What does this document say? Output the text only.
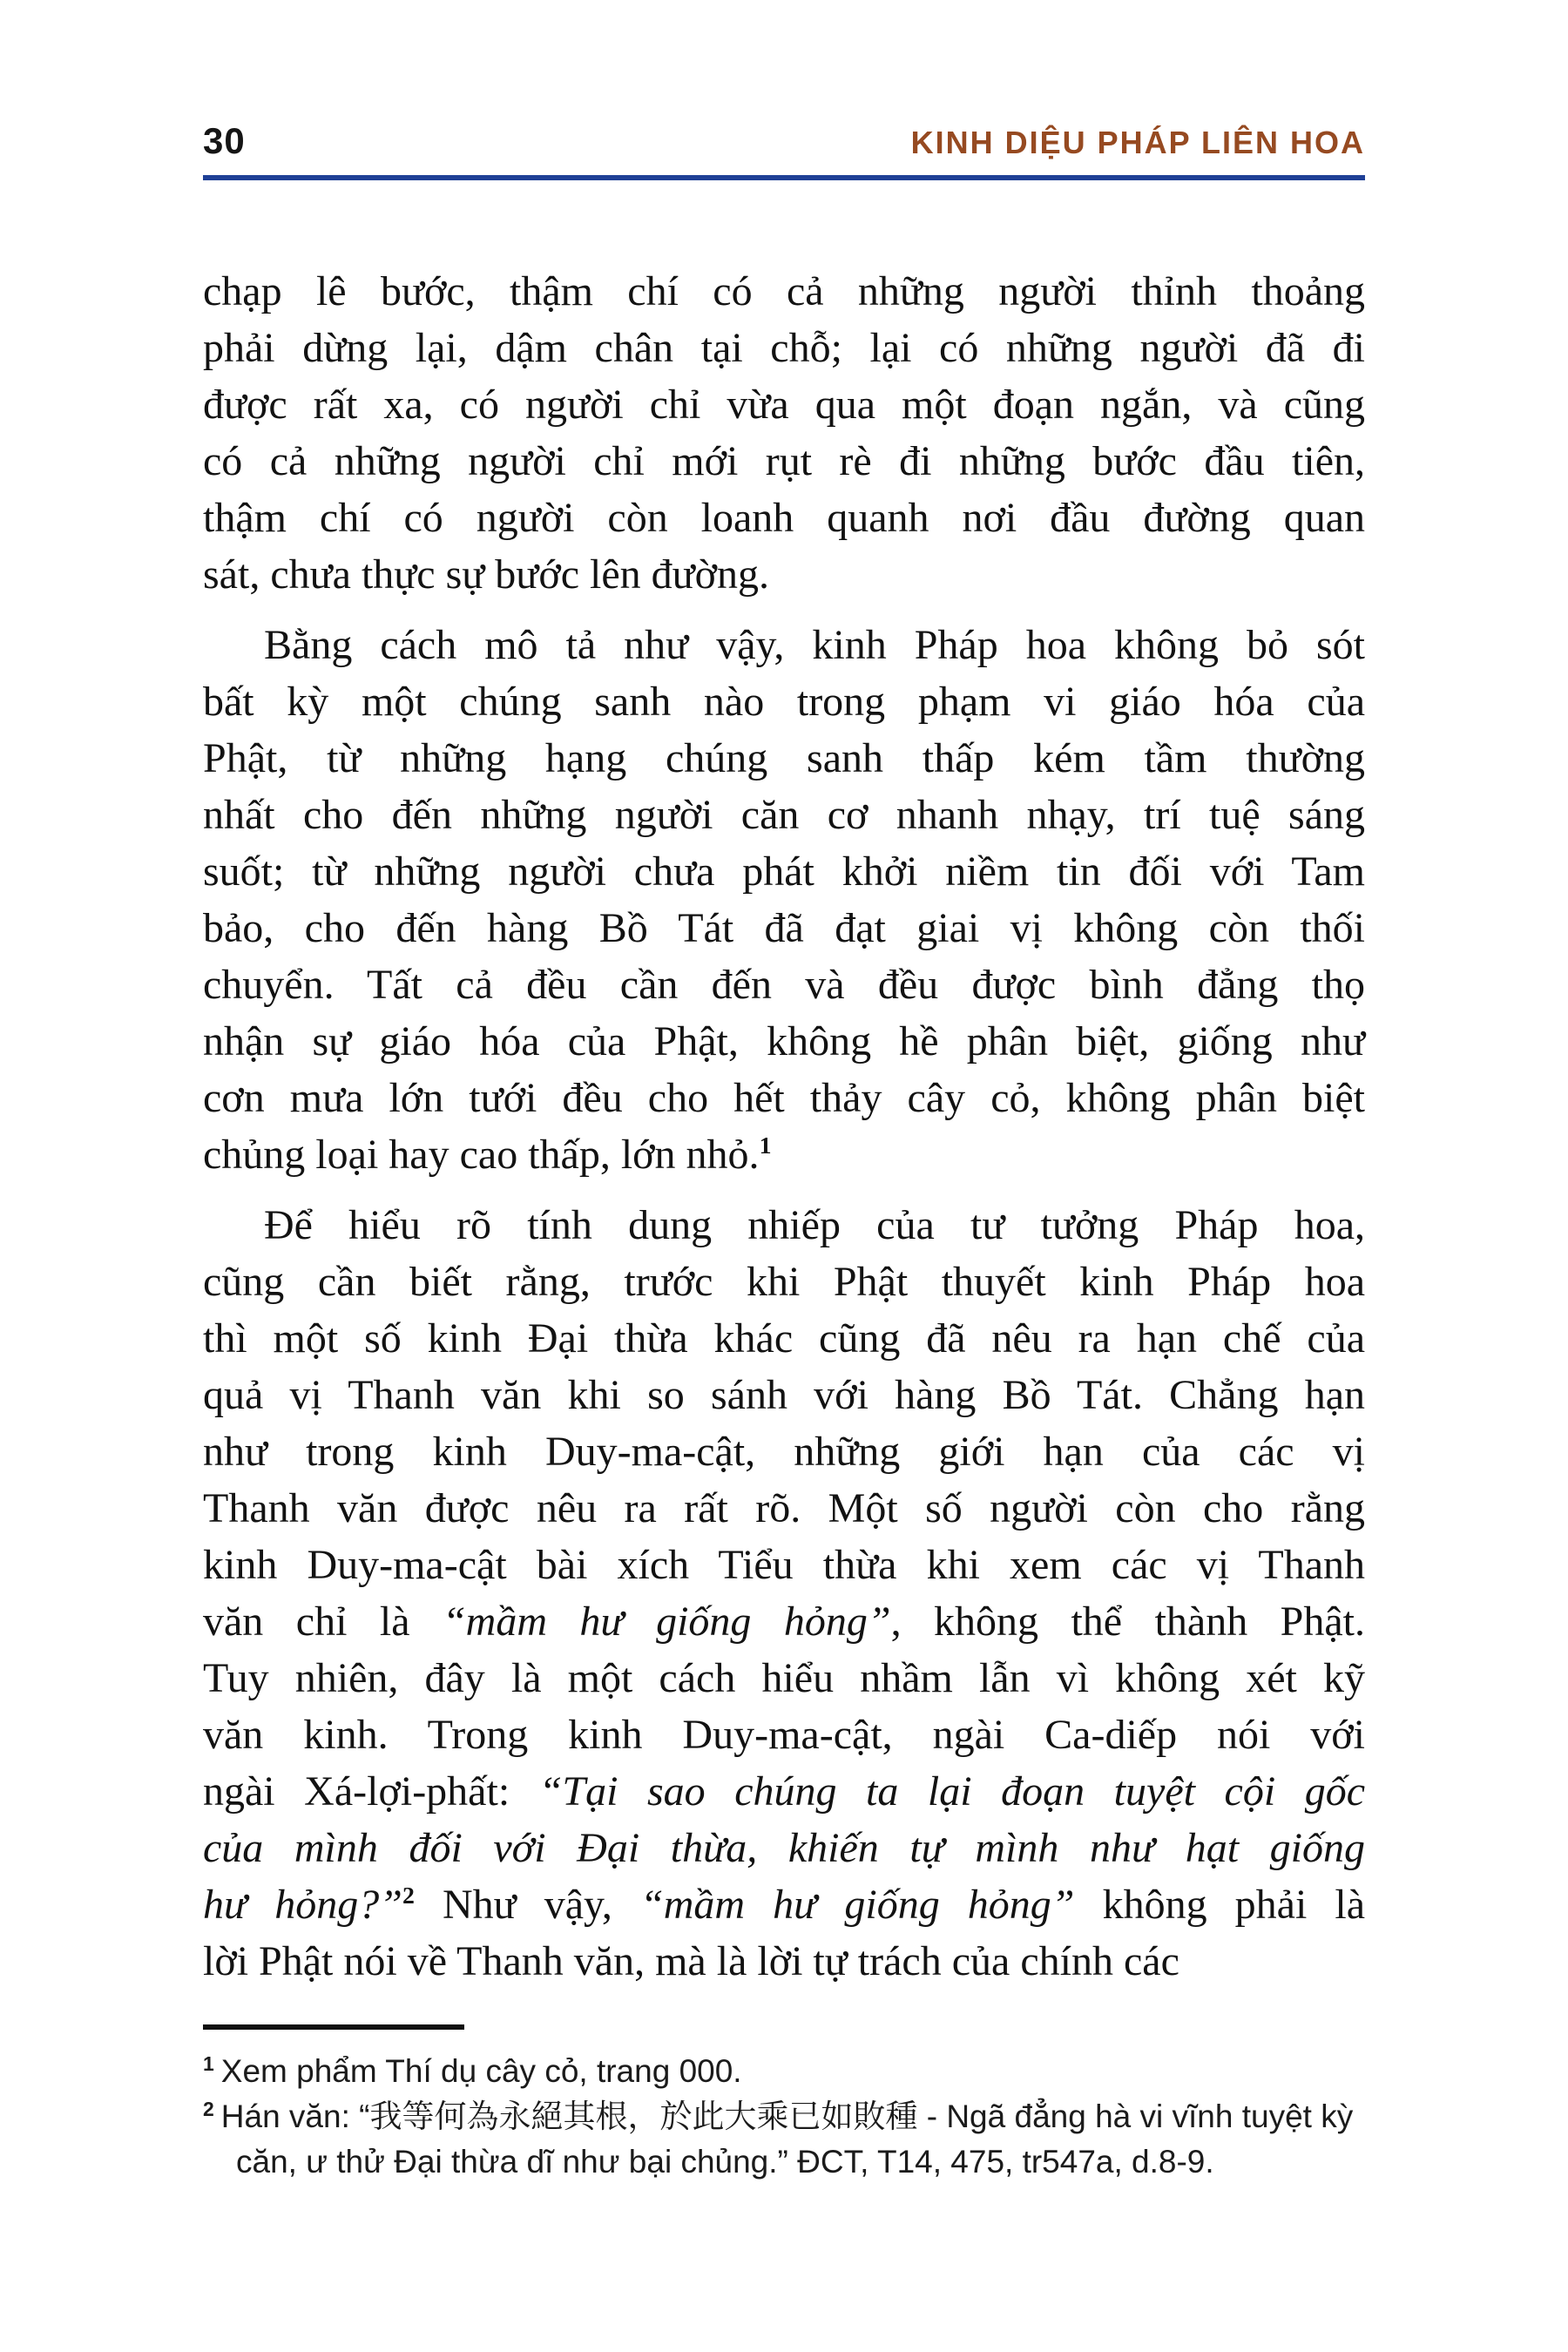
30	KINH DIỆU PHÁP LIÊN HOA
chạp lê bước, thậm chí có cả những người thỉnh thoảng
phải dừng lại, dậm chân tại chỗ; lại có những người đã đi
được rất xa, có người chỉ vừa qua một đoạn ngắn, và cũng
có cả những người chỉ mới rụt rè đi những bước đầu tiên,
thậm chí có người còn loanh quanh nơi đầu đường quan
sát, chưa thực sự bước lên đường.
Bằng cách mô tả như vậy, kinh Pháp hoa không bỏ sót
bất kỳ một chúng sanh nào trong phạm vi giáo hóa của
Phật, từ những hạng chúng sanh thấp kém tầm thường
nhất cho đến những người căn cơ nhanh nhạy, trí tuệ sáng
suốt; từ những người chưa phát khởi niềm tin đối với Tam
bảo, cho đến hàng Bồ Tát đã đạt giai vị không còn thối
chuyển. Tất cả đều cần đến và đều được bình đẳng thọ
nhận sự giáo hóa của Phật, không hề phân biệt, giống như
cơn mưa lớn tưới đều cho hết thảy cây cỏ, không phân biệt
chủng loại hay cao thấp, lớn nhỏ.$^1$
Để hiểu rõ tính dung nhiếp của tư tưởng Pháp hoa,
cũng cần biết rằng, trước khi Phật thuyết kinh Pháp hoa
thì một số kinh Đại thừa khác cũng đã nêu ra hạn chế của
quả vị Thanh văn khi so sánh với hàng Bồ Tát. Chẳng hạn
như trong kinh Duy-ma-cật, những giới hạn của các vị
Thanh văn được nêu ra rất rõ. Một số người còn cho rằng
kinh Duy-ma-cật bài xích Tiểu thừa khi xem các vị Thanh
văn chỉ là “mầm hư giống hỏng”, không thể thành Phật.
Tuy nhiên, đây là một cách hiểu nhầm lẫn vì không xét kỹ
văn kinh. Trong kinh Duy-ma-cật, ngài Ca-diếp nói với
ngài Xá-lợi-phất: “Tại sao chúng ta lại đoạn tuyệt cội gốc
của mình đối với Đại thừa, khiến tự mình như hạt giống
hư hỏng?”$^2$ Như vậy, “mầm hư giống hỏng” không phải là
lời Phật nói về Thanh văn, mà là lời tự trách của chính các
$^1$ Xem phẩm Thí dụ cây cỏ, trang 000.
$^2$ Hán văn: “我等何為永絕其根，於此大乘已如敗種 - Ngã đẳng hà vi vĩnh tuyệt kỳ
căn, ư thử Đại thừa dĩ như bại chủng.” ĐCT, T14, 475, tr547a, d.8-9.
